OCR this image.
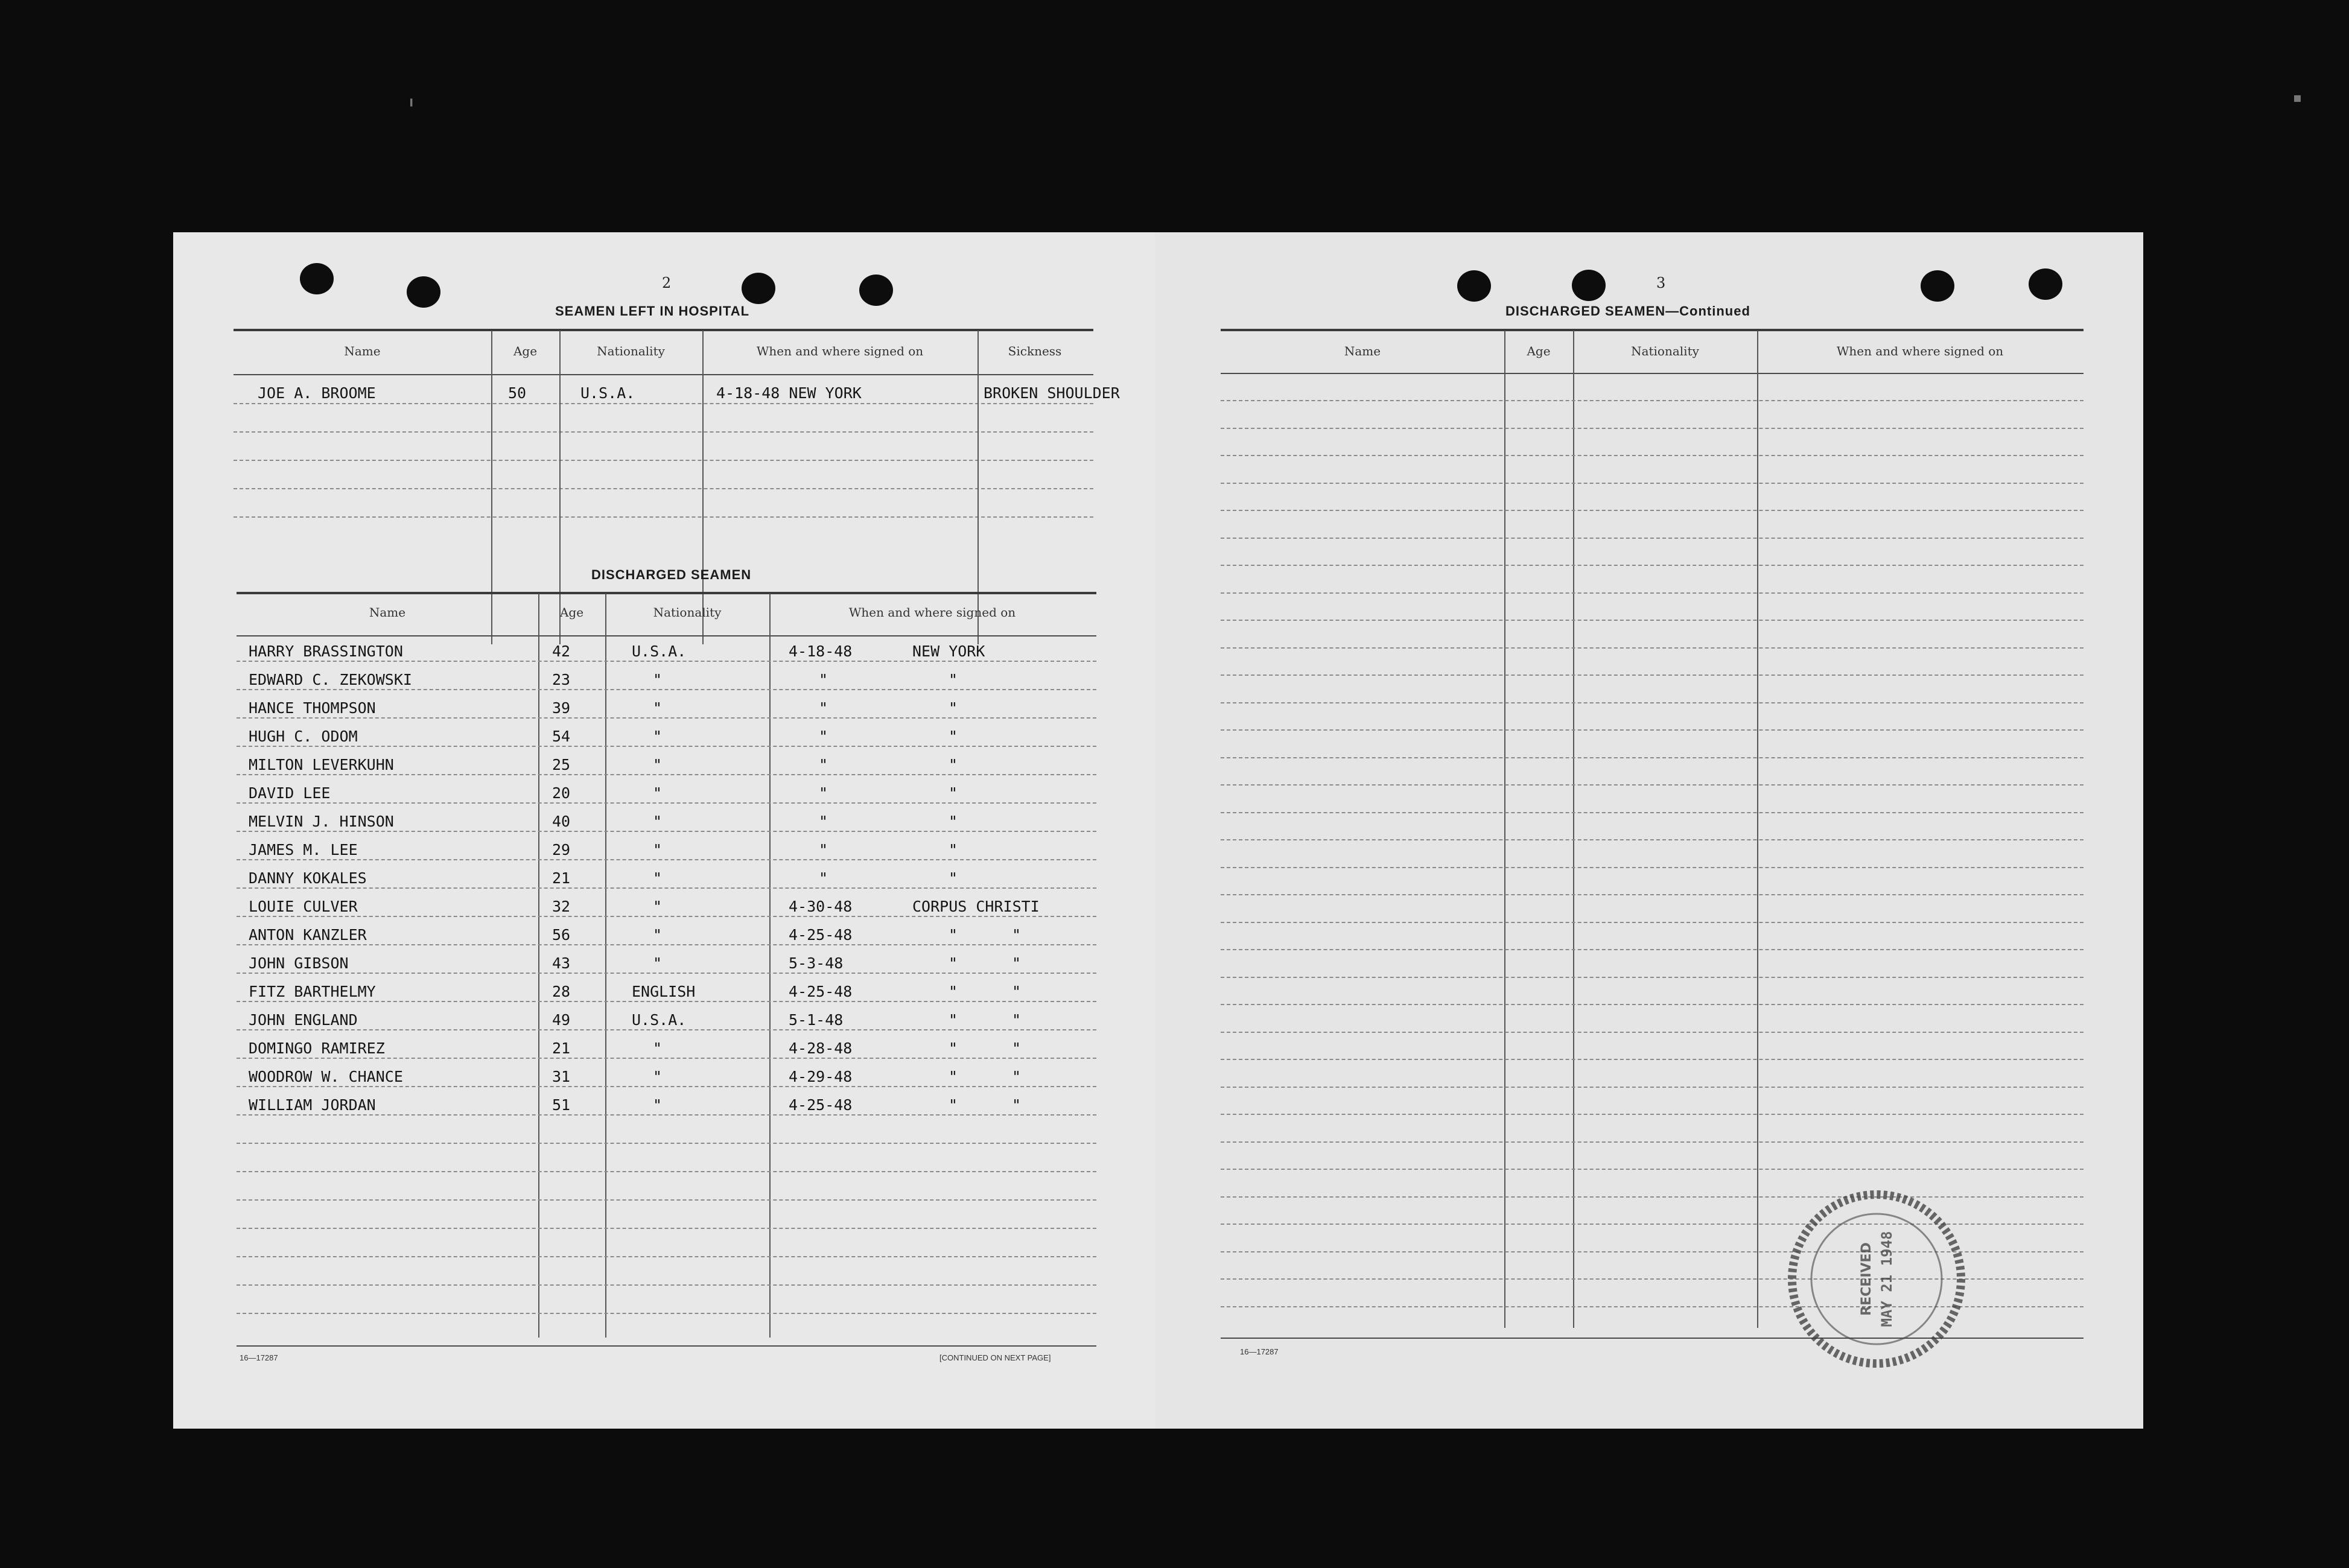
╹
▪
2
SEAMEN LEFT IN HOSPITAL
Name	Age	Nationality	When and where signed on	Sickness
JOE A. BROOME	50	U.S.A.	4-18-48 NEW YORK	BROKEN SHOULDER
DISCHARGED SEAMEN
Name	Age	Nationality	When and where signed on
HARRY BRASSINGTON	42	U.S.A.	4-18-48	NEW YORK
EDWARD C. ZEKOWSKI	23	"	"	"
HANCE THOMPSON	39	"	"	"
HUGH C. ODOM	54	"	"	"
MILTON LEVERKUHN	25	"	"	"
DAVID LEE	20	"	"	"
MELVIN J. HINSON	40	"	"	"
JAMES M. LEE	29	"	"	"
DANNY KOKALES	21	"	"	"
LOUIE CULVER	32	"	4-30-48	CORPUS CHRISTI
ANTON KANZLER	56	"	4-25-48	"	"
JOHN GIBSON	43	"	5-3-48	"	"
FITZ BARTHELMY	28	ENGLISH	4-25-48	"	"
JOHN ENGLAND	49	U.S.A.	5-1-48	"	"
DOMINGO RAMIREZ	21	"	4-28-48	"	"
WOODROW W. CHANCE	31	"	4-29-48	"	"
WILLIAM JORDAN	51	"	4-25-48	"	"
16—17287	[CONTINUED ON NEXT PAGE]
3
DISCHARGED SEAMEN—Continued
Name	Age	Nationality	When and where signed on
16—17287
RECEIVED MAY 21 1948
